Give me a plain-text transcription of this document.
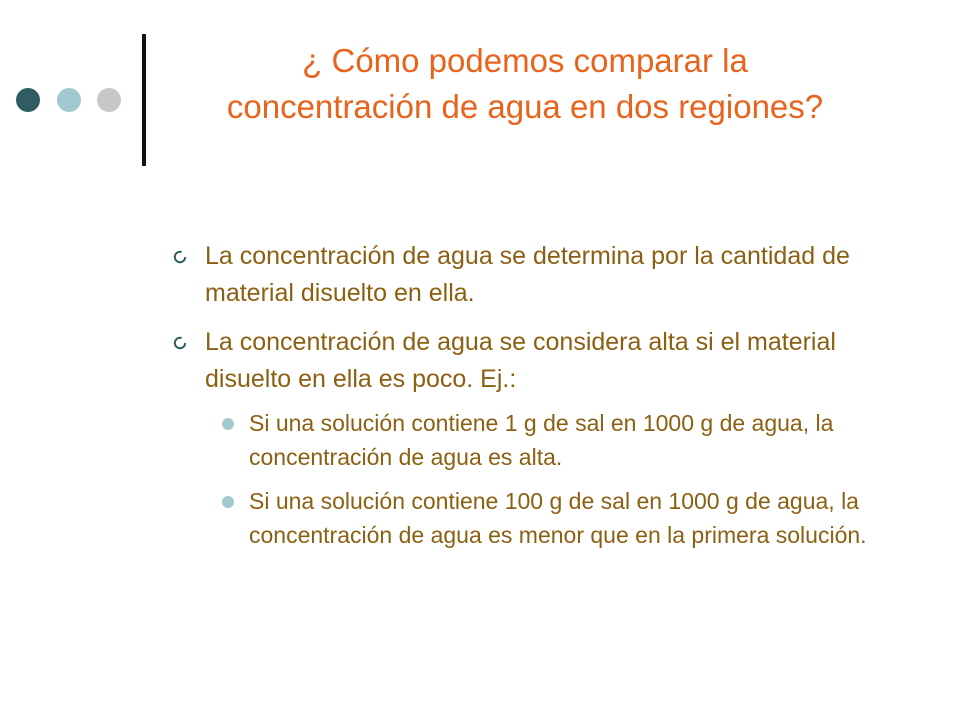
¿ Cómo podemos comparar la concentración de agua en dos regiones?
La concentración de agua se determina por la cantidad de material disuelto en ella.
La concentración de agua se considera alta si el material disuelto en ella es poco. Ej.:
Si una solución contiene 1 g de sal en 1000 g de agua, la concentración de agua es alta.
Si una solución contiene 100 g de sal en 1000 g de agua, la concentración de agua es menor que en la primera solución.
